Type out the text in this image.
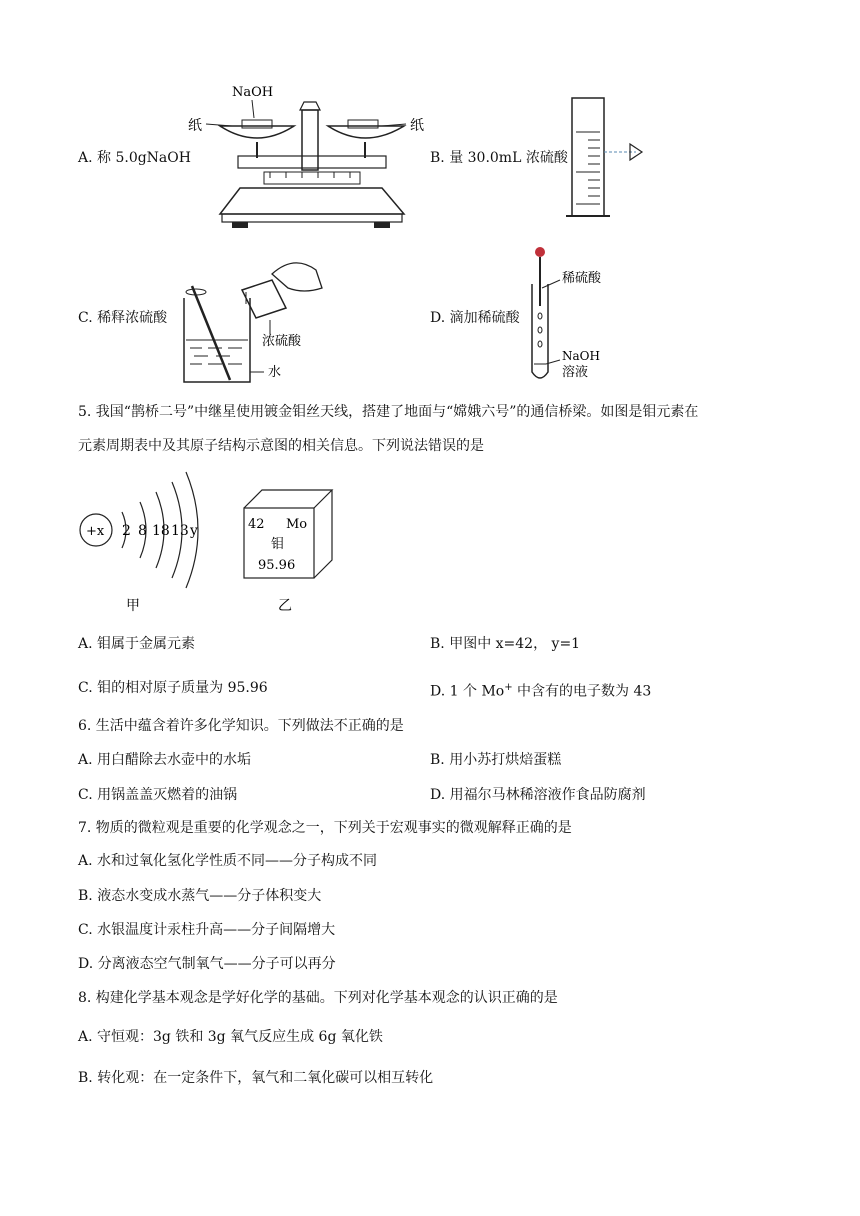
A. 称 5.0gNaOH
NaOH
纸	纸
B. 量 30.0mL 浓硫酸
C. 稀释浓硫酸
浓硫酸
水
D. 滴加稀硫酸
稀硫酸
NaOH
溶液
5. 我国“鹊桥二号”中继星使用镀金钼丝天线，搭建了地面与“嫦娥六号”的通信桥梁。如图是钼元素在
元素周期表中及其原子结构示意图的相关信息。下列说法错误的是
+x 2 8 18 13 y
甲
42 Mo
钼
95.96
乙
A. 钼属于金属元素	B. 甲图中 x=42， y=1
C. 钼的相对原子质量为 95.96	D. 1 个 Mo+ 中含有的电子数为 43
6. 生活中蕴含着许多化学知识。下列做法不正确的是
A. 用白醋除去水壶中的水垢	B. 用小苏打烘焙蛋糕
C. 用锅盖盖灭燃着的油锅	D. 用福尔马林稀溶液作食品防腐剂
7. 物质的微粒观是重要的化学观念之一，下列关于宏观事实的微观解释正确的是
A. 水和过氧化氢化学性质不同——分子构成不同
B. 液态水变成水蒸气——分子体积变大
C. 水银温度计汞柱升高——分子间隔增大
D. 分离液态空气制氧气——分子可以再分
8. 构建化学基本观念是学好化学的基础。下列对化学基本观念的认识正确的是
A. 守恒观：3g 铁和 3g 氧气反应生成 6g 氧化铁
B. 转化观：在一定条件下，氧气和二氧化碳可以相互转化
